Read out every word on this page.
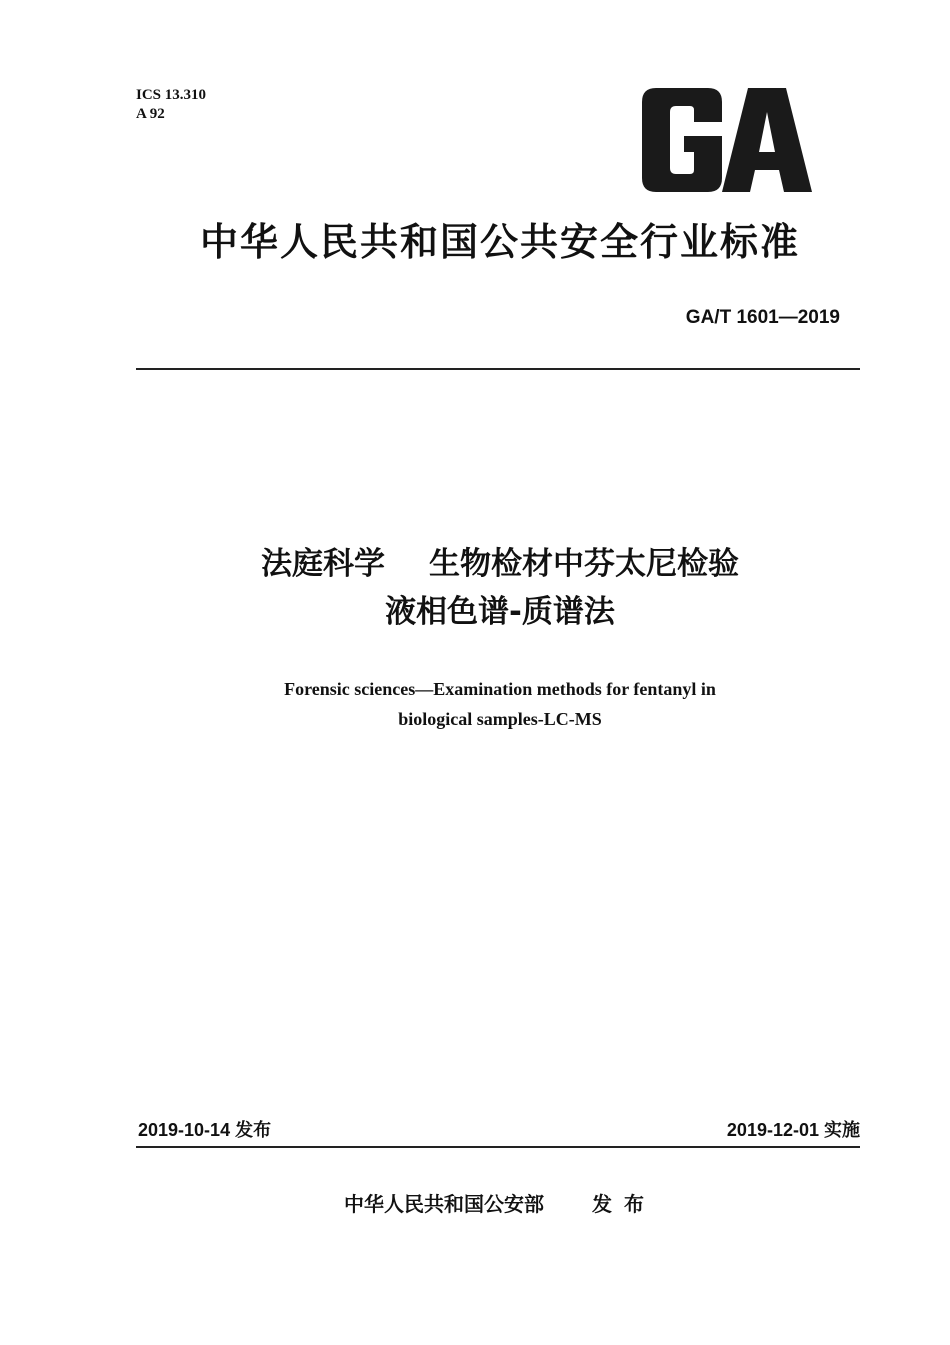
ICS 13.310
A 92
中华人民共和国公共安全行业标准
GA/T 1601—2019
法庭科学 生物检材中芬太尼检验
液相色谱-质谱法
Forensic sciences—Examination methods for fentanyl in
biological samples-LC-MS
2019-10-14 发布	2019-12-01 实施
中华人民共和国公安部 发布
